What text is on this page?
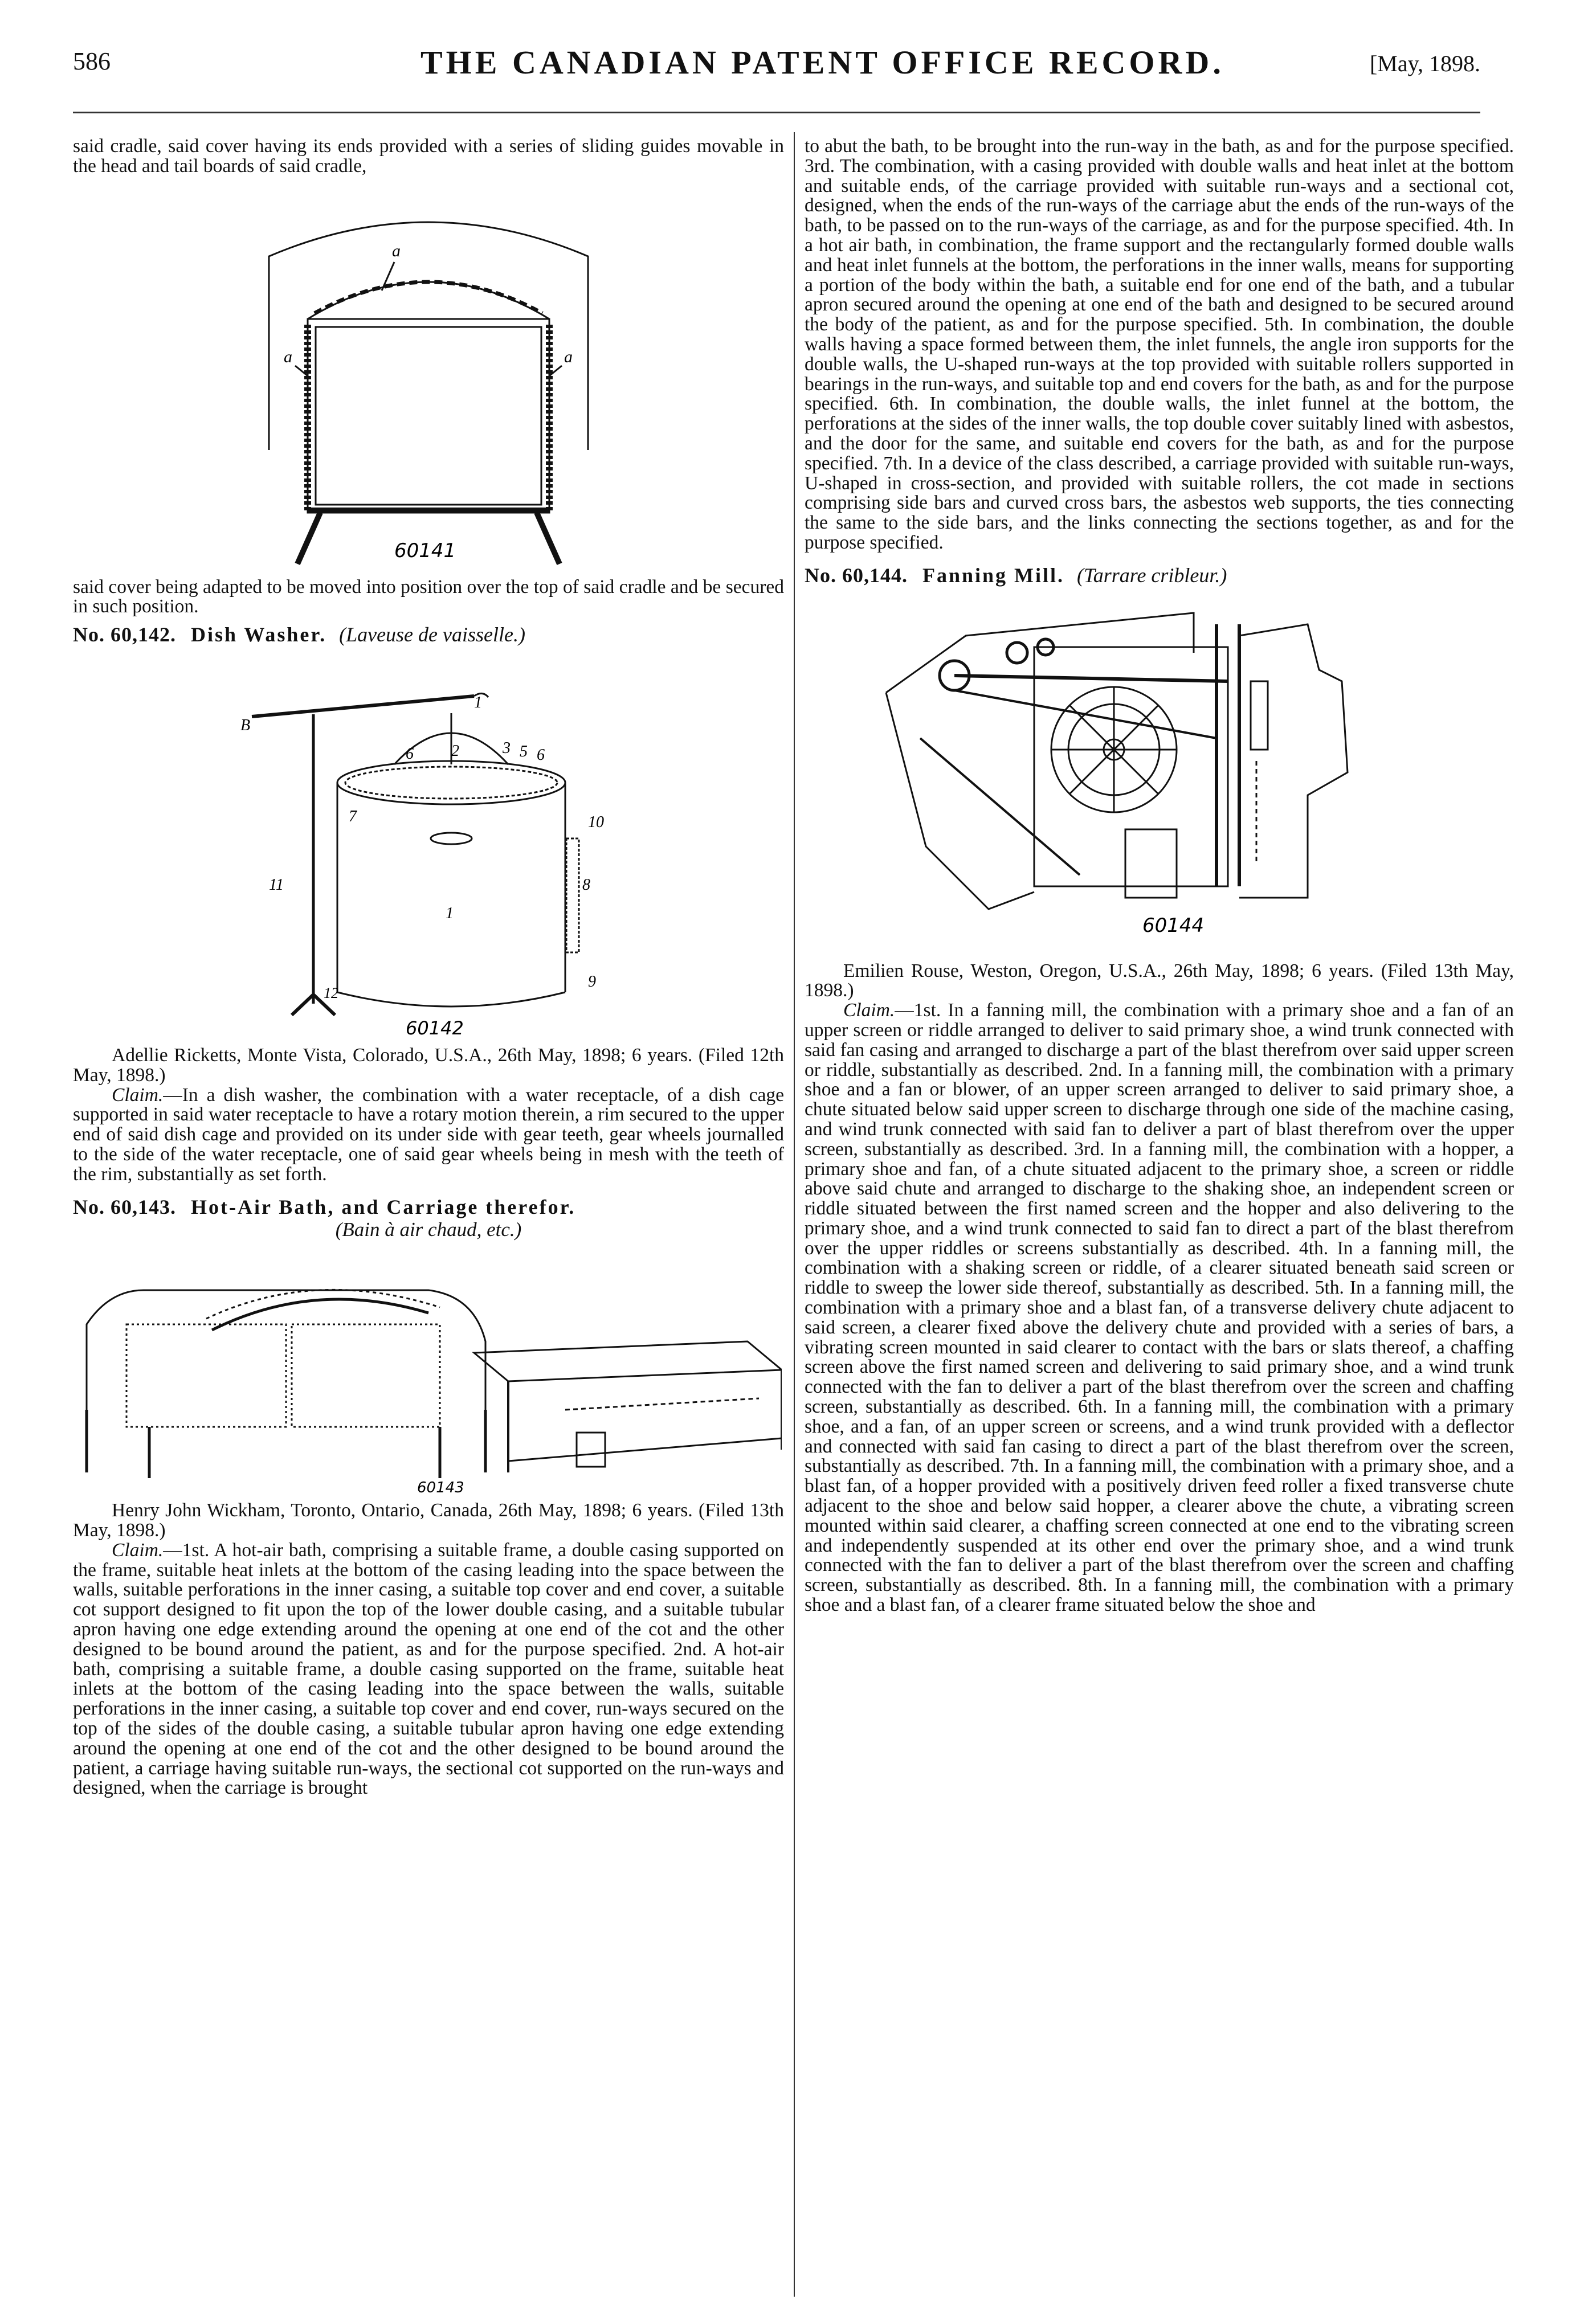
586	THE CANADIAN PATENT OFFICE RECORD.	[May, 1898.

said cradle, said cover having its ends provided with a series of sliding guides movable in the head and tail boards of said cradle,

a
a	a
60141

said cover being adapted to be moved into position over the top of said cradle and be secured in such position.

No. 60,142. Dish Washer. (Laveuse de vaisselle.)

1
B
2
6	3 5 6
7	10
8
11
1
9
12
60142

Adellie Ricketts, Monte Vista, Colorado, U.S.A., 26th May, 1898; 6 years. (Filed 12th May, 1898.)

Claim.—In a dish washer, the combination with a water receptacle, of a dish cage supported in said water receptacle to have a rotary motion therein, a rim secured to the upper end of said dish cage and provided on its under side with gear teeth, gear wheels journalled to the side of the water receptacle, one of said gear wheels being in mesh with the teeth of the rim, substantially as set forth.

No. 60,143. Hot-Air Bath, and Carriage therefor.

(Bain à air chaud, etc.)

60143

Henry John Wickham, Toronto, Ontario, Canada, 26th May, 1898; 6 years. (Filed 13th May, 1898.)

Claim.—1st. A hot-air bath, comprising a suitable frame, a double casing supported on the frame, suitable heat inlets at the bottom of the casing leading into the space between the walls, suitable perforations in the inner casing, a suitable top cover and end cover, a suitable cot support designed to fit upon the top of the lower double casing, and a suitable tubular apron having one edge extending around the opening at one end of the cot and the other designed to be bound around the patient, as and for the purpose specified. 2nd. A hot-air bath, comprising a suitable frame, a double casing supported on the frame, suitable heat inlets at the bottom of the casing leading into the space between the walls, suitable perforations in the inner casing, a suitable top cover and end cover, run-ways secured on the top of the sides of the double casing, a suitable tubular apron having one edge extending around the opening at one end of the cot and the other designed to be bound around the patient, a carriage having suitable run-ways, the sectional cot supported on the run-ways and designed, when the carriage is brought

to abut the bath, to be brought into the run-way in the bath, as and for the purpose specified. 3rd. The combination, with a casing provided with double walls and heat inlet at the bottom and suitable ends, of the carriage provided with suitable run-ways and a sectional cot, designed, when the ends of the run-ways of the carriage abut the ends of the run-ways of the bath, to be passed on to the run-ways of the carriage, as and for the purpose specified. 4th. In a hot air bath, in combination, the frame support and the rectangularly formed double walls and heat inlet funnels at the bottom, the perforations in the inner walls, means for supporting a portion of the body within the bath, a suitable end for one end of the bath, and a tubular apron secured around the opening at one end of the bath and designed to be secured around the body of the patient, as and for the purpose specified. 5th. In combination, the double walls having a space formed between them, the inlet funnels, the angle iron supports for the double walls, the U-shaped run-ways at the top provided with suitable rollers supported in bearings in the run-ways, and suitable top and end covers for the bath, as and for the purpose specified. 6th. In combination, the double walls, the inlet funnel at the bottom, the perforations at the sides of the inner walls, the top double cover suitably lined with asbestos, and the door for the same, and suitable end covers for the bath, as and for the purpose specified. 7th. In a device of the class described, a carriage provided with suitable run-ways, U-shaped in cross-section, and provided with suitable rollers, the cot made in sections comprising side bars and curved cross bars, the asbestos web supports, the ties connecting the same to the side bars, and the links connecting the sections together, as and for the purpose specified.

No. 60,144. Fanning Mill. (Tarrare cribleur.)

60144

Emilien Rouse, Weston, Oregon, U.S.A., 26th May, 1898; 6 years. (Filed 13th May, 1898.)

Claim.—1st. In a fanning mill, the combination with a primary shoe and a fan of an upper screen or riddle arranged to deliver to said primary shoe, a wind trunk connected with said fan casing and arranged to discharge a part of the blast therefrom over said upper screen or riddle, substantially as described. 2nd. In a fanning mill, the combination with a primary shoe and a fan or blower, of an upper screen arranged to deliver to said primary shoe, a chute situated below said upper screen to discharge through one side of the machine casing, and wind trunk connected with said fan to deliver a part of blast therefrom over the upper screen, substantially as described. 3rd. In a fanning mill, the combination with a hopper, a primary shoe and fan, of a chute situated adjacent to the primary shoe, a screen or riddle above said chute and arranged to discharge to the shaking shoe, an independent screen or riddle situated between the first named screen and the hopper and also delivering to the primary shoe, and a wind trunk connected to said fan to direct a part of the blast therefrom over the upper riddles or screens substantially as described. 4th. In a fanning mill, the combination with a shaking screen or riddle, of a clearer situated beneath said screen or riddle to sweep the lower side thereof, substantially as described. 5th. In a fanning mill, the combination with a primary shoe and a blast fan, of a transverse delivery chute adjacent to said screen, a clearer fixed above the delivery chute and provided with a series of bars, a vibrating screen mounted in said clearer to contact with the bars or slats thereof, a chaffing screen above the first named screen and delivering to said primary shoe, and a wind trunk connected with the fan to deliver a part of the blast therefrom over the screen and chaffing screen, substantially as described. 6th. In a fanning mill, the combination with a primary shoe, and a fan, of an upper screen or screens, and a wind trunk provided with a deflector and connected with said fan casing to direct a part of the blast therefrom over the screen, substantially as described. 7th. In a fanning mill, the combination with a primary shoe, and a blast fan, of a hopper provided with a positively driven feed roller a fixed transverse chute adjacent to the shoe and below said hopper, a clearer above the chute, a vibrating screen mounted within said clearer, a chaffing screen connected at one end to the vibrating screen and independently suspended at its other end over the primary shoe, and a wind trunk connected with the fan to deliver a part of the blast therefrom over the screen and chaffing screen, substantially as described. 8th. In a fanning mill, the combination with a primary shoe and a blast fan, of a clearer frame situated below the shoe and
